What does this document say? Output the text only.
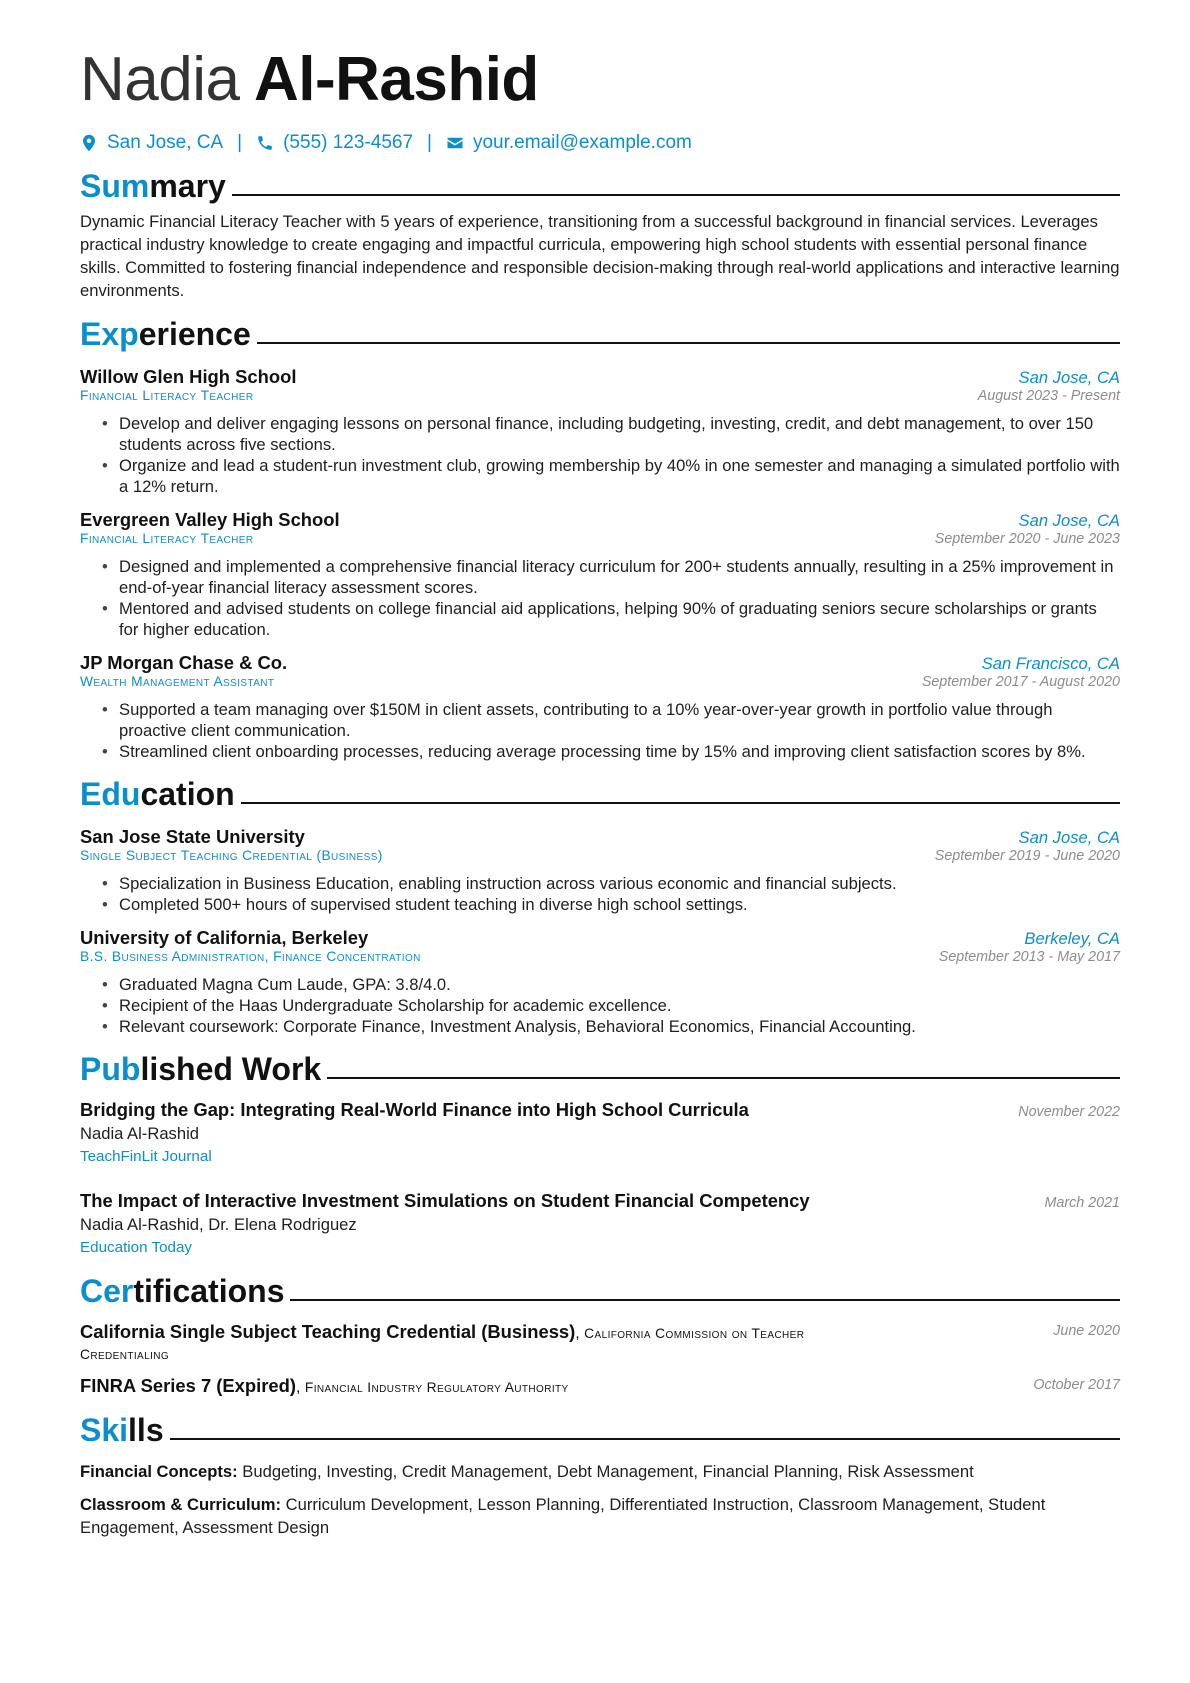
Nadia Al-Rashid
San Jose, CA | (555) 123-4567 | your.email@example.com
Summary
Dynamic Financial Literacy Teacher with 5 years of experience, transitioning from a successful background in financial services. Leverages practical industry knowledge to create engaging and impactful curricula, empowering high school students with essential personal finance skills. Committed to fostering financial independence and responsible decision-making through real-world applications and interactive learning environments.
Experience
Willow Glen High School	San Jose, CA
Financial Literacy Teacher	August 2023 - Present
• Develop and deliver engaging lessons on personal finance, including budgeting, investing, credit, and debt management, to over 150 students across five sections.
• Organize and lead a student-run investment club, growing membership by 40% in one semester and managing a simulated portfolio with a 12% return.
Evergreen Valley High School	San Jose, CA
Financial Literacy Teacher	September 2020 - June 2023
• Designed and implemented a comprehensive financial literacy curriculum for 200+ students annually, resulting in a 25% improvement in end-of-year financial literacy assessment scores.
• Mentored and advised students on college financial aid applications, helping 90% of graduating seniors secure scholarships or grants for higher education.
JP Morgan Chase & Co.	San Francisco, CA
Wealth Management Assistant	September 2017 - August 2020
• Supported a team managing over $150M in client assets, contributing to a 10% year-over-year growth in portfolio value through proactive client communication.
• Streamlined client onboarding processes, reducing average processing time by 15% and improving client satisfaction scores by 8%.
Education
San Jose State University	San Jose, CA
Single Subject Teaching Credential (Business)	September 2019 - June 2020
• Specialization in Business Education, enabling instruction across various economic and financial subjects.
• Completed 500+ hours of supervised student teaching in diverse high school settings.
University of California, Berkeley	Berkeley, CA
B.S. Business Administration, Finance Concentration	September 2013 - May 2017
• Graduated Magna Cum Laude, GPA: 3.8/4.0.
• Recipient of the Haas Undergraduate Scholarship for academic excellence.
• Relevant coursework: Corporate Finance, Investment Analysis, Behavioral Economics, Financial Accounting.
Published Work
Bridging the Gap: Integrating Real-World Finance into High School Curricula	November 2022
Nadia Al-Rashid
TeachFinLit Journal
The Impact of Interactive Investment Simulations on Student Financial Competency	March 2021
Nadia Al-Rashid, Dr. Elena Rodriguez
Education Today
Certifications
California Single Subject Teaching Credential (Business), California Commission on Teacher Credentialing
June 2020
FINRA Series 7 (Expired), Financial Industry Regulatory Authority	October 2017
Skills
Financial Concepts: Budgeting, Investing, Credit Management, Debt Management, Financial Planning, Risk Assessment
Classroom & Curriculum: Curriculum Development, Lesson Planning, Differentiated Instruction, Classroom Management, Student Engagement, Assessment Design
